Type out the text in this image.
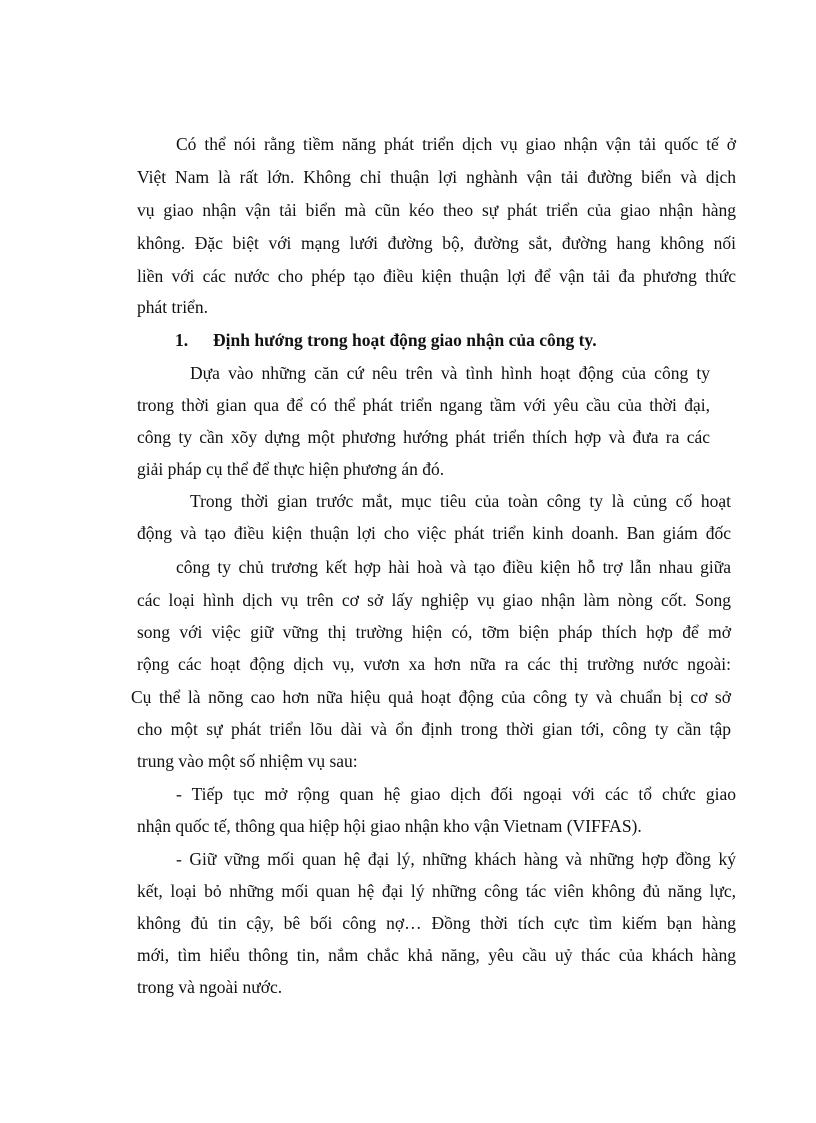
Có thể nói rằng tiềm năng phát triển dịch vụ giao nhận vận tải quốc tế ở

Việt Nam là rất lớn. Không chỉ thuận lợi nghành vận tải đường biển và dịch

vụ giao nhận vận tải biển mà cũn kéo theo sự phát triển của giao nhận hàng

không. Đặc biệt với mạng lưới đường bộ, đường sắt, đường hang không nối

liền với các nước cho phép tạo điều kiện thuận lợi để vận tải đa phương thức

phát triển.

1. Định hướng trong hoạt động giao nhận của công ty.

Dựa vào những căn cứ nêu trên và tình hình hoạt động của công ty

trong thời gian qua để có thể phát triển ngang tầm với yêu cầu của thời đại,

công ty cần xõy dựng một phương hướng phát triển thích hợp và đưa ra các

giải pháp cụ thể để thực hiện phương án đó.

Trong thời gian trước mắt, mục tiêu của toàn công ty là củng cố hoạt

động và tạo điều kiện thuận lợi cho việc phát triển kinh doanh. Ban giám đốc

công ty chủ trương kết hợp hài hoà và tạo điều kiện hỗ trợ lẫn nhau giữa

các loại hình dịch vụ trên cơ sở lấy nghiệp vụ giao nhận làm nòng cốt. Song

song với việc giữ vững thị trường hiện có, tỡm biện pháp thích hợp để mở

rộng các hoạt động dịch vụ, vươn xa hơn nữa ra các thị trường nước ngoài:

Cụ thể là nõng cao hơn nữa hiệu quả hoạt động của công ty và chuẩn bị cơ sở

cho một sự phát triển lõu dài và ổn định trong thời gian tới, công ty cần tập

trung vào một số nhiệm vụ sau:

- Tiếp tục mở rộng quan hệ giao dịch đối ngoại với các tổ chức giao

nhận quốc tế, thông qua hiệp hội giao nhận kho vận Vietnam (VIFFAS).

- Giữ vững mối quan hệ đại lý, những khách hàng và những hợp đồng ký

kết, loại bỏ những mối quan hệ đại lý những công tác viên không đủ năng lực,

không đủ tin cậy, bê bối công nợ… Đồng thời tích cực tìm kiếm bạn hàng

mới, tìm hiểu thông tin, nắm chắc khả năng, yêu cầu uỷ thác của khách hàng

trong và ngoài nước.
